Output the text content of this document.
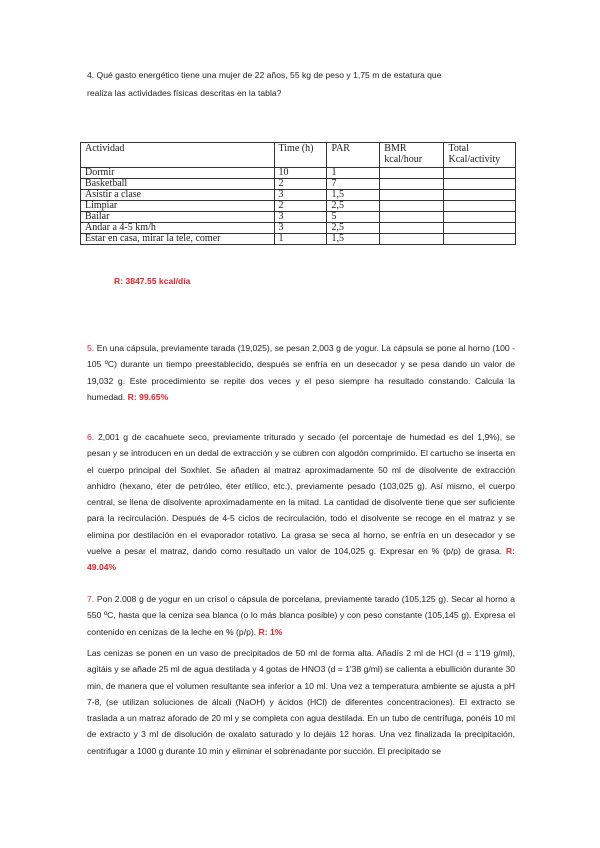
4. Qué gasto energético tiene una mujer de 22 años, 55 kg de peso y 1,75 m de estatura que
realiza las actividades físicas descritas en la tabla?
Actividad	Time (h)	PAR	BMR kcal/hour	Total Kcal/activity
Dormir	10	1		
Basketball	2	7		
Asistir a clase	3	1,5		
Limpiar	2	2,5		
Bailar	3	5		
Andar a 4-5 km/h	3	2,5		
Estar en casa, mirar la tele, comer	1	1,5		
R: 3847.55 kcal/día
5. En una cápsula, previamente tarada (19,025), se pesan 2,003 g de yogur. La cápsula se pone al horno (100 - 105 ºC) durante un tiempo preestablecido, después se enfría en un desecador y se pesa dando un valor de 19,032 g. Este procedimiento se repite dos veces y el peso siempre ha resultado constando. Calcula la humedad. R: 99.65%
6. 2,001 g de cacahuete seco, previamente triturado y secado (el porcentaje de humedad es del 1,9%), se pesan y se introducen en un dedal de extracción y se cubren con algodón comprimido. El cartucho se inserta en el cuerpo principal del Soxhlet. Se añaden al matraz aproximadamente 50 ml de disolvente de extracción anhidro (hexano, éter de petróleo, éter etílico, etc.), previamente pesado (103,025 g). Así mismo, el cuerpo central, se llena de disolvente aproximadamente en la mitad. La cantidad de disolvente tiene que ser suficiente para la recirculación. Después de 4-5 ciclos de recirculación, todo el disolvente se recoge en el matraz y se elimina por destilación en el evaporador rotativo. La grasa se seca al horno, se enfría en un desecador y se vuelve a pesar el matraz, dando como resultado un valor de 104,025 g. Expresar en % (p/p) de grasa. R: 49.04%
7. Pon 2.008 g de yogur en un crisol o cápsula de porcelana, previamente tarado (105,125 g). Secar al horno a 550 ºC, hasta que la ceniza sea blanca (o lo más blanca posible) y con peso constante (105,145 g). Expresa el contenido en cenizas de la leche en % (p/p). R: 1%
Las cenizas se ponen en un vaso de precipitados de 50 ml de forma alta. Añadís 2 ml de HCl (d = 1'19 g/ml), agitáis y se añade 25 ml de agua destilada y 4 gotas de HNO3 (d = 1'38 g/ml) se calienta a ebullición durante 30 min, de manera que el volumen resultante sea inferior a 10 ml. Una vez a temperatura ambiente se ajusta a pH 7-8, (se utilizan soluciones de álcali (NaOH) y ácidos (HCl) de diferentes concentraciones). El extracto se traslada a un matraz aforado de 20 ml y se completa con agua destilada. En un tubo de centrífuga, ponéis 10 ml de extracto y 3 ml de disolución de oxalato saturado y lo dejáis 12 horas. Una vez finalizada la precipitación, centrifugar a 1000 g durante 10 min y eliminar el sobrenadante por succión. El precipitado se
